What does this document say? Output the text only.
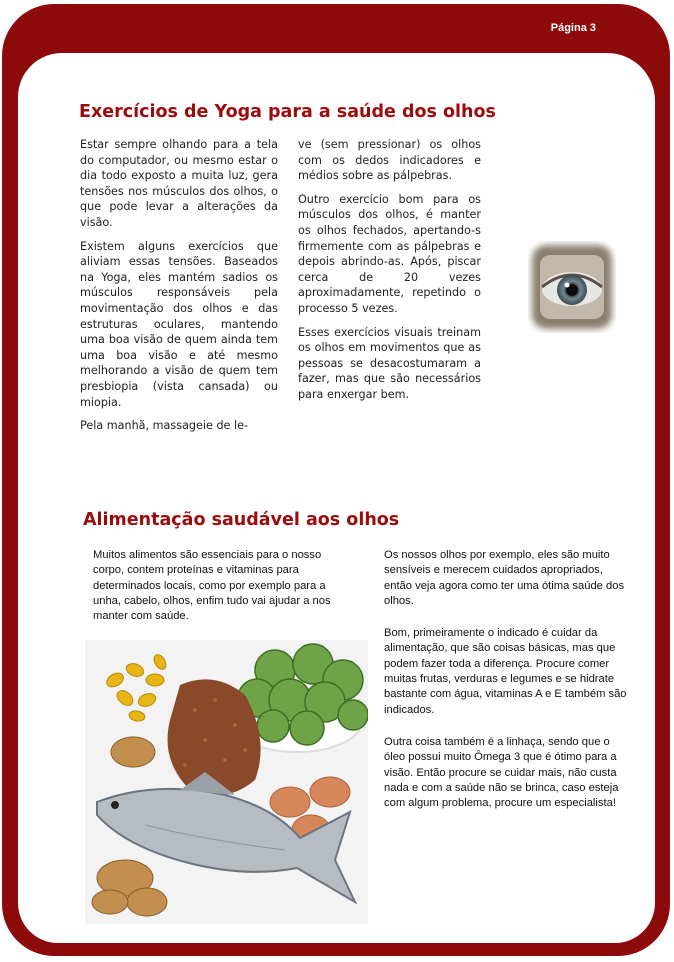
Página 3
Exercícios de Yoga para a saúde dos olhos

Estar sempre olhando para a tela do computador, ou mesmo estar o dia todo exposto a muita luz, gera tensões nos músculos dos olhos, o que pode levar a alterações da visão.

Existem alguns exercícios que aliviam essas tensões. Baseados na Yoga, eles mantém sadios os músculos responsáveis pela movimentação dos olhos e das estruturas oculares, mantendo uma boa visão de quem ainda tem uma boa visão e até mesmo melhorando a visão de quem tem presbiopia (vista cansada) ou miopia.

Pela manhã, massageie de le-

ve (sem pressionar) os olhos com os dedos indicadores e médios sobre as pálpebras.

Outro exercício bom para os músculos dos olhos, é manter os olhos fechados, apertando-s firmemente com as pálpebras e depois abrindo-as. Após, piscar cerca de 20 vezes aproximadamente, repetindo o processo 5 vezes.

Esses exercícios visuais treinam os olhos em movimentos que as pessoas se desacostumaram a fazer, mas que são necessários para enxergar bem.

Alimentação saudável aos olhos

Muitos alimentos são essenciais para o nosso corpo, contem proteínas e vitaminas para determinados locais, como por exemplo para a unha, cabelo, olhos, enfim tudo vai ajudar a nos manter com saúde.

Os nossos olhos por exemplo, eles são muito sensíveis e merecem cuidados apropriados, então veja agora como ter uma ótima saúde dos olhos.

Bom, primeiramente o indicado é cuidar da alimentação, que são coisas básicas, mas que podem fazer toda a diferença. Procure comer muitas frutas, verduras e legumes e se hidrate bastante com água, vitaminas A e E também são indicados.

Outra coisa também é a linhaça, sendo que o óleo possui muito Ômega 3 que é ótimo para a visão. Então procure se cuidar mais, não custa nada e com a saúde não se brinca, caso esteja com algum problema, procure um especialista!
